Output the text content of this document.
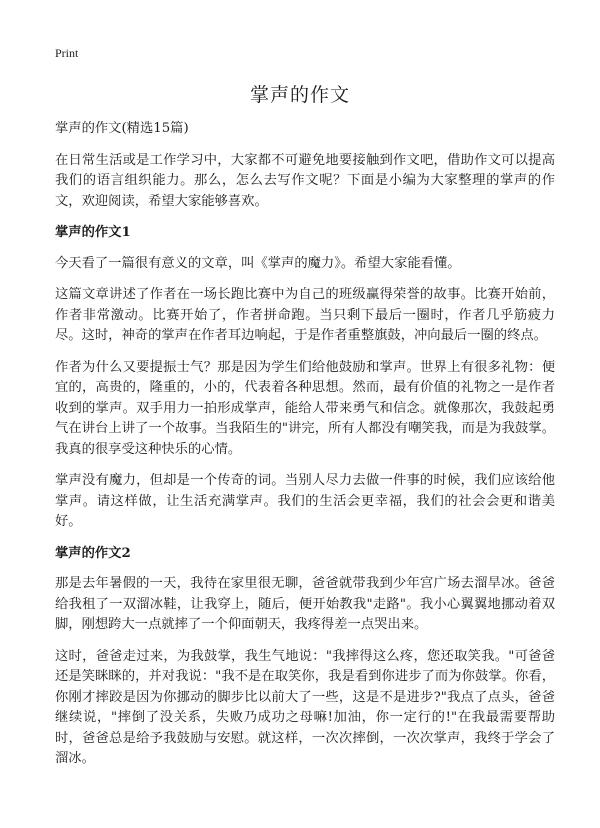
Print
掌声的作文

掌声的作文(精选15篇)

在日常生活或是工作学习中，大家都不可避免地要接触到作文吧，借助作文可以提高我们的语言组织能力。那么，怎么去写作文呢？下面是小编为大家整理的掌声的作文，欢迎阅读，希望大家能够喜欢。

掌声的作文1

今天看了一篇很有意义的文章，叫《掌声的魔力》。希望大家能看懂。

这篇文章讲述了作者在一场长跑比赛中为自己的班级赢得荣誉的故事。比赛开始前，作者非常激动。比赛开始了，作者拼命跑。当只剩下最后一圈时，作者几乎筋疲力尽。这时，神奇的掌声在作者耳边响起，于是作者重整旗鼓，冲向最后一圈的终点。

作者为什么又要提振士气？那是因为学生们给他鼓励和掌声。世界上有很多礼物：便宜的，高贵的，隆重的，小的，代表着各种思想。然而，最有价值的礼物之一是作者收到的掌声。双手用力一拍形成掌声，能给人带来勇气和信念。就像那次，我鼓起勇气在讲台上讲了一个故事。当我陌生的"讲完，所有人都没有嘲笑我，而是为我鼓掌。我真的很享受这种快乐的心情。

掌声没有魔力，但却是一个传奇的词。当别人尽力去做一件事的时候，我们应该给他掌声。请这样做，让生活充满掌声。我们的生活会更幸福，我们的社会会更和谐美好。

掌声的作文2

那是去年暑假的一天，我待在家里很无聊，爸爸就带我到少年宫广场去溜旱冰。爸爸给我租了一双溜冰鞋，让我穿上，随后，便开始教我"走路"。我小心翼翼地挪动着双脚，刚想跨大一点就摔了一个仰面朝天，我疼得差一点哭出来。

这时，爸爸走过来，为我鼓掌，我生气地说："我摔得这么疼，您还取笑我。"可爸爸还是笑眯眯的，并对我说："我不是在取笑你，我是看到你进步了而为你鼓掌。你看，你刚才摔跤是因为你挪动的脚步比以前大了一些，这是不是进步?"我点了点头，爸爸继续说，"摔倒了没关系，失败乃成功之母嘛!加油，你一定行的!"在我最需要帮助时，爸爸总是给予我鼓励与安慰。就这样，一次次摔倒，一次次掌声，我终于学会了溜冰。
